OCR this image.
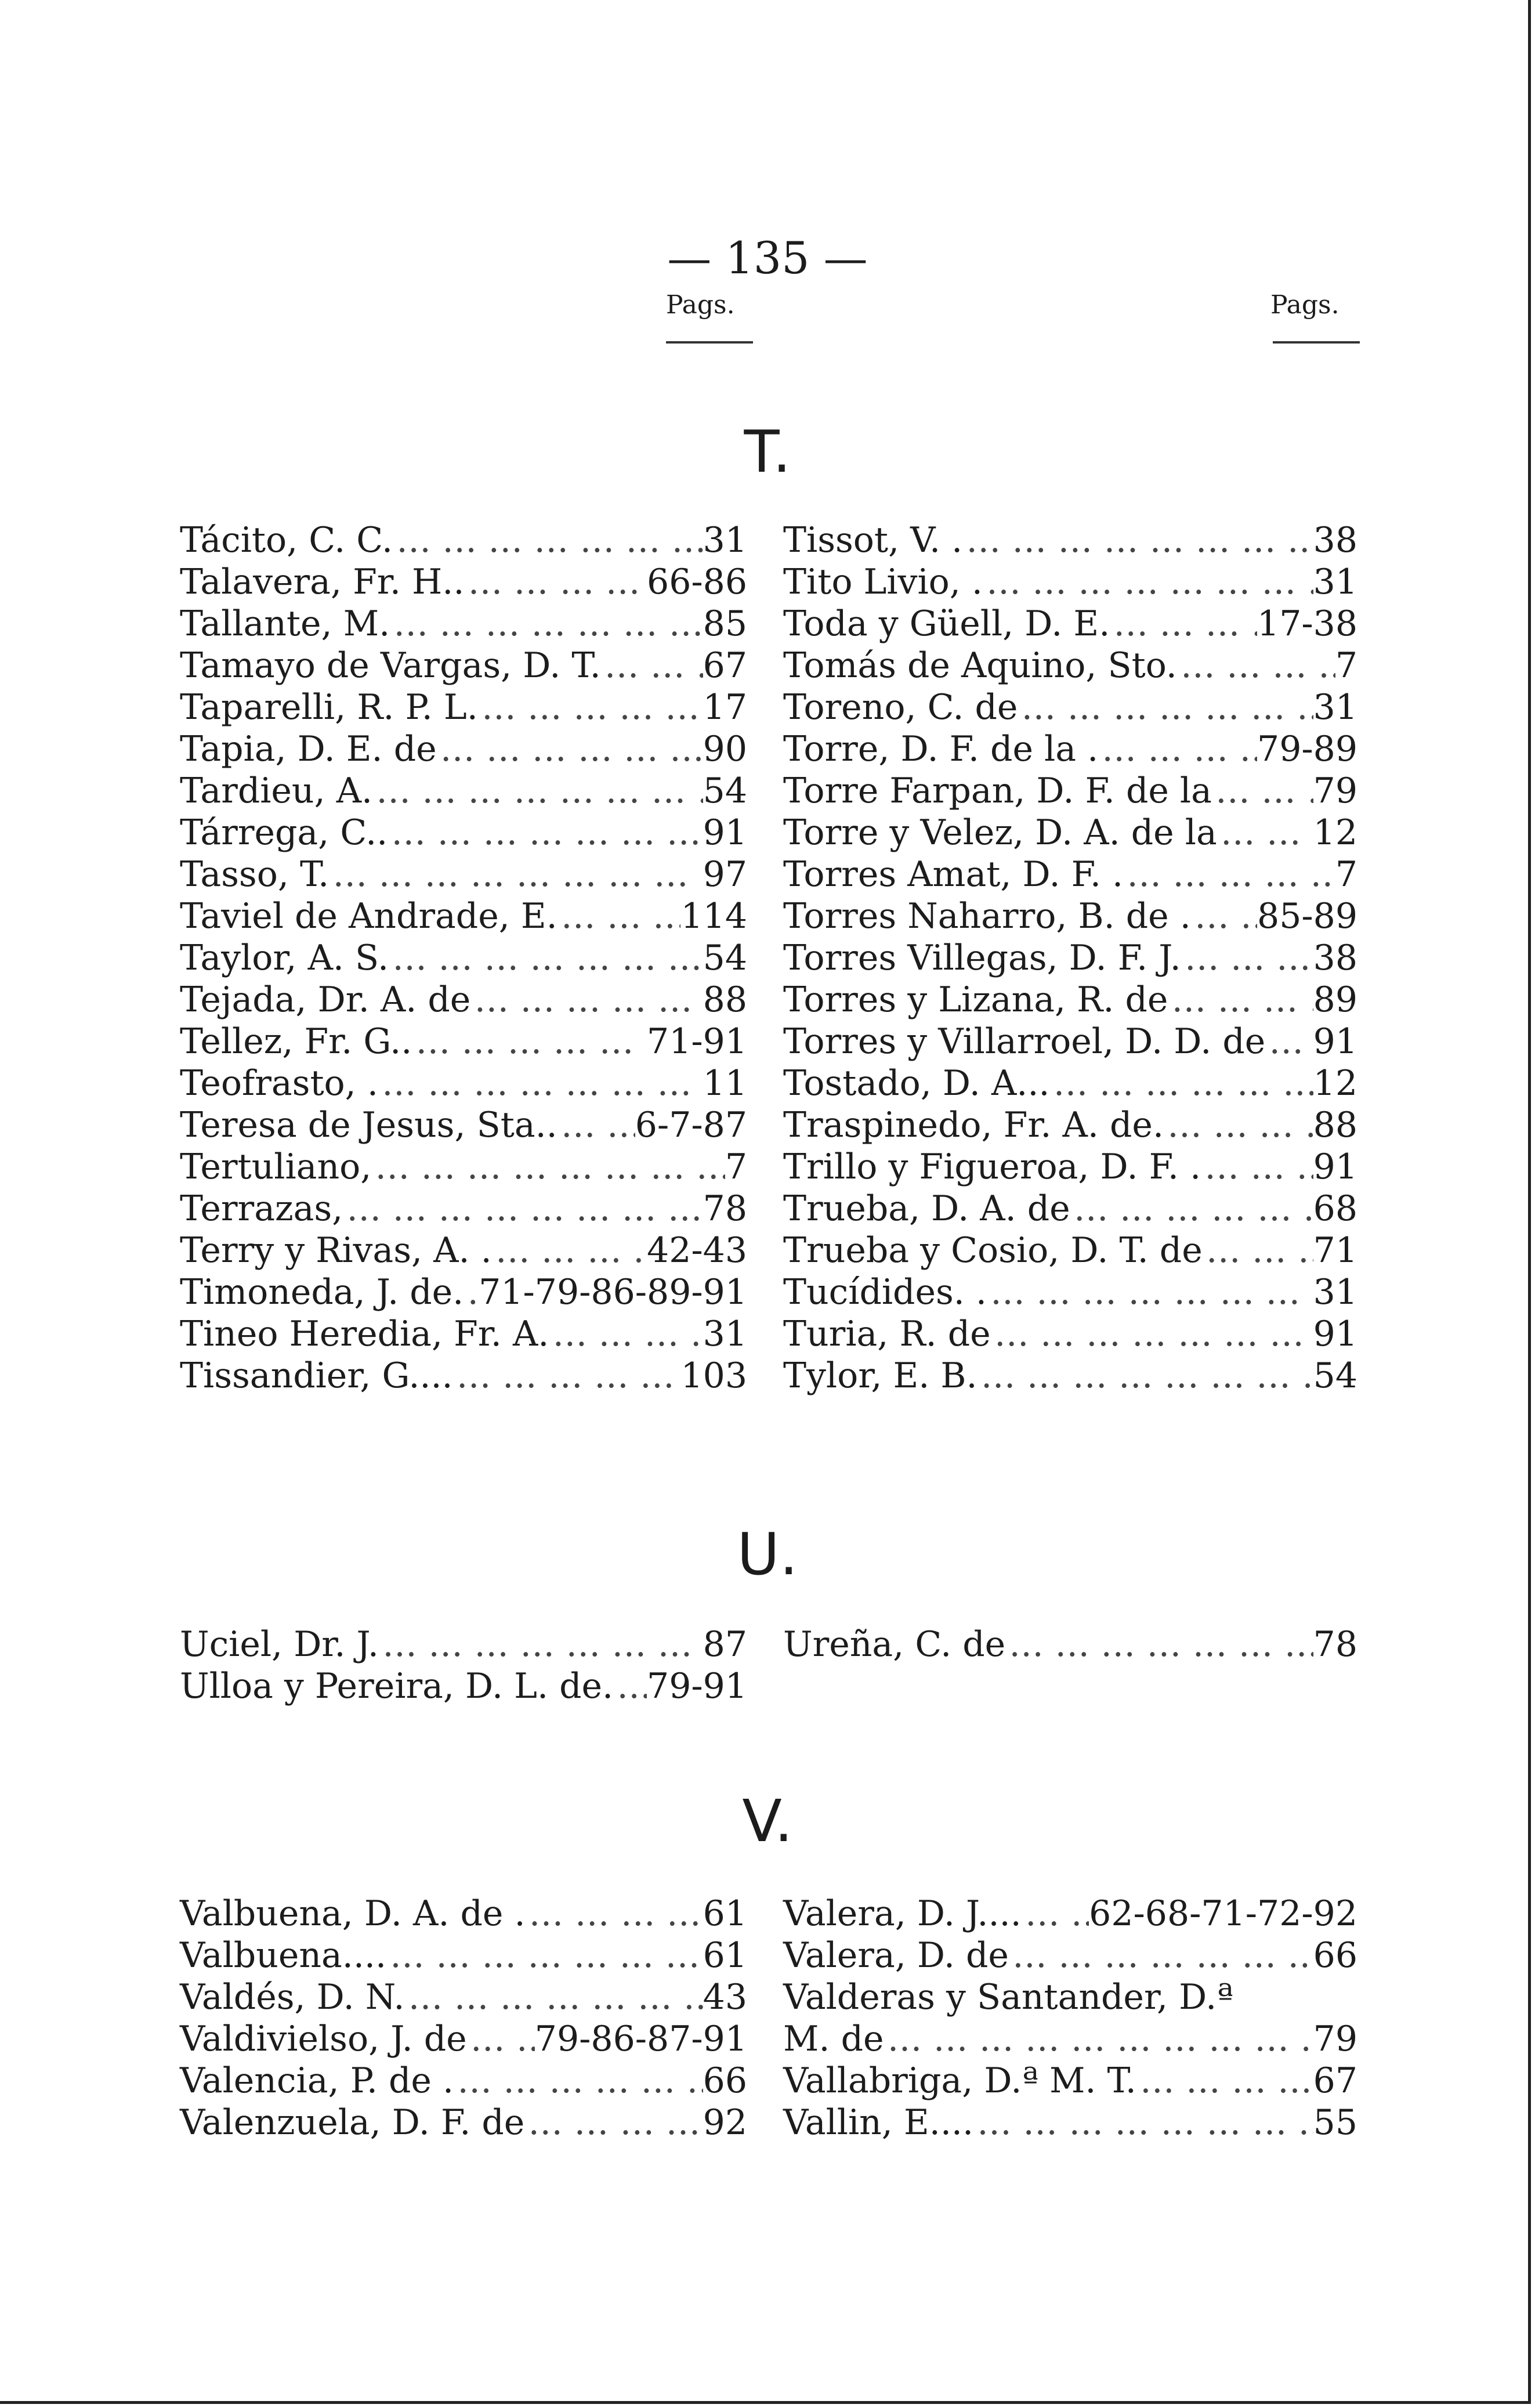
— 135 —
Pags.	Pags.
T.
Tácito, C. C. … … … … … … … … … … … … … … … … … … …	31
Talavera, Fr. H.. … … … … … … … … … … … … … … … … … … …	66-86
Tallante, M. … … … … … … … … … … … … … … … … … … …	85
Tamayo de Vargas, D. T. … … … … … … … … … … … … … … … … … … …	67
Taparelli, R. P. L. … … … … … … … … … … … … … … … … … … …	17
Tapia, D. E. de … … … … … … … … … … … … … … … … … … …	90
Tardieu, A. … … … … … … … … … … … … … … … … … … …	54
Tárrega, C.. … … … … … … … … … … … … … … … … … … …	91
Tasso, T. … … … … … … … … … … … … … … … … … … …	97
Taviel de Andrade, E. … … … … … … … … … … … … … … … … … … …	114
Taylor, A. S. … … … … … … … … … … … … … … … … … … …	54
Tejada, Dr. A. de … … … … … … … … … … … … … … … … … … …	88
Tellez, Fr. G.. … … … … … … … … … … … … … … … … … … …	71-91
Teofrasto, . … … … … … … … … … … … … … … … … … … …	11
Teresa de Jesus, Sta.. … … … … … … … … … … … … … … … … … … … 6-7-87
Tertuliano, … … … … … … … … … … … … … … … … … … …	7
Terrazas, … … … … … … … … … … … … … … … … … … …	78
Terry y Rivas, A. . … … … … … … … … … … … … … … … … … … …	42-43
Timoneda, J. de. … … … … … … … … … … … … … … … … … … … 71-79-86-89-91
Tineo Heredia, Fr. A. … … … … … … … … … … … … … … … … … … …	31
Tissandier, G.... … … … … … … … … … … … … … … … … … … …	103
Tissot, V. . … … … … … … … … … … … … … … … … … … …	38
Tito Livio, . … … … … … … … … … … … … … … … … … … …	31
Toda y Güell, D. E. … … … … … … … … … … … … … … … … … … …	17-38
Tomás de Aquino, Sto. … … … … … … … … … … … … … … … … … … …	7
Toreno, C. de … … … … … … … … … … … … … … … … … … …	31
Torre, D. F. de la . … … … … … … … … … … … … … … … … … … …	79-89
Torre Farpan, D. F. de la … … … … … … … … … … … … … … … … … … …	79
Torre y Velez, D. A. de la … … … … … … … … … … … … … … … … … … …	12
Torres Amat, D. F. . … … … … … … … … … … … … … … … … … … …	7
Torres Naharro, B. de . … … … … … … … … … … … … … … … … … … … 85-89
Torres Villegas, D. F. J. … … … … … … … … … … … … … … … … … … …	38
Torres y Lizana, R. de … … … … … … … … … … … … … … … … … … …	89
Torres y Villarroel, D. D. de … … … … … … … … … … … … … … … … … … … 91
Tostado, D. A... … … … … … … … … … … … … … … … … … … …	12
Traspinedo, Fr. A. de. … … … … … … … … … … … … … … … … … … …	88
Trillo y Figueroa, D. F. . … … … … … … … … … … … … … … … … … … …	91
Trueba, D. A. de … … … … … … … … … … … … … … … … … … …	68
Trueba y Cosio, D. T. de … … … … … … … … … … … … … … … … … … …	71
Tucídides. . … … … … … … … … … … … … … … … … … … …	31
Turia, R. de … … … … … … … … … … … … … … … … … … …	91
Tylor, E. B. … … … … … … … … … … … … … … … … … … …	54
U.
Uciel, Dr. J. … … … … … … … … … … … … … … … … … … …	87
Ulloa y Pereira, D. L. de. … … … … … … … … … … … … … … … … … … … 79-91
Ureña, C. de … … … … … … … … … … … … … … … … … … …	78
V.
Valbuena, D. A. de . … … … … … … … … … … … … … … … … … … …	61
Valbuena.... … … … … … … … … … … … … … … … … … … …	61
Valdés, D. N. … … … … … … … … … … … … … … … … … … …	43
Valdivielso, J. de … … … … … … … … … … … … … … … … … … … 79-86-87-91
Valencia, P. de . … … … … … … … … … … … … … … … … … … …	66
Valenzuela, D. F. de … … … … … … … … … … … … … … … … … … …	92
Valera, D. J.... … … … … … … … … … … … … … … … … … … … 62-68-71-72-92
Valera, D. de … … … … … … … … … … … … … … … … … … …	66
Valderas y Santander, D.ª
M. de … … … … … … … … … … … … … … … … … … …	79
Vallabriga, D.ª M. T. … … … … … … … … … … … … … … … … … … …	67
Vallin, E.... … … … … … … … … … … … … … … … … … … …	55
